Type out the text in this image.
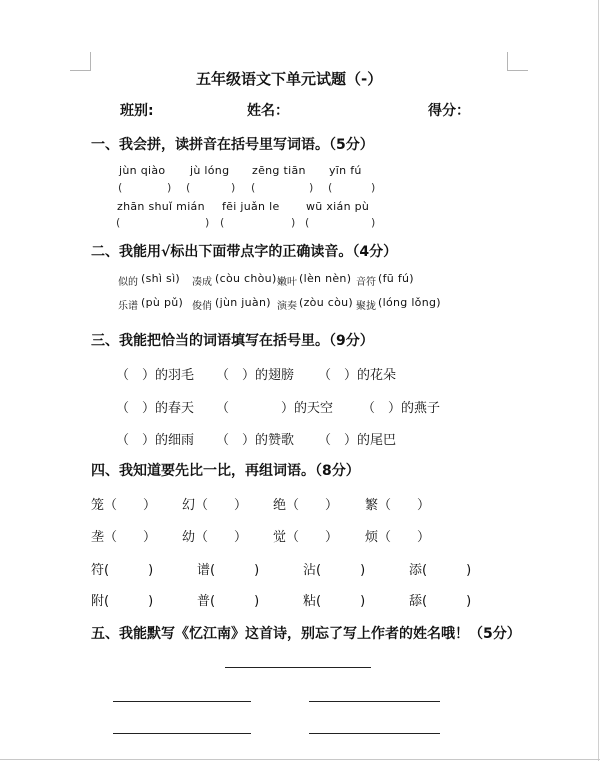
五年级语文下单元试题（-）
班别:	姓名：	得分：
一、我会拼，读拼音在括号里写词语。（5分）
jùn qiào jù lóng zēng tiān yīn fú
(	) (	) (	) (	)
zhān shuǐ mián fēi juǎn le wū xián pù
(	) (	) (	)
二、我能用√标出下面带点字的正确读音。（4分）
似的 (shì sì) 凑成 (còu chòu) 嫩叶 (lèn nèn) 音符 (fū fú)
乐谱 (pù pǔ) 俊俏 (jùn juàn) 演奏 (zòu còu) 聚拢 (lóng lǒng)
三、我能把恰当的词语填写在括号里。（9分）
（　）的羽毛 （　）的翅膀 （　）的花朵
（　）的春天 （　　　　）的天空 （　）的燕子
（　）的细雨 （　）的赞歌 （　）的尾巴
四、我知道要先比一比，再组词语。（8分）
笼（　　） 幻（　　） 绝（　　） 繁（　　）
垄（　　） 幼（　　） 觉（　　） 烦（　　）
符(　　　)	谱(　　　)	沾(　　　)	添(　　　)
附(　　　)	普(　　　)	粘(　　　)	舔(　　　)
五、我能默写《忆江南》这首诗，别忘了写上作者的姓名哦！（5分）
